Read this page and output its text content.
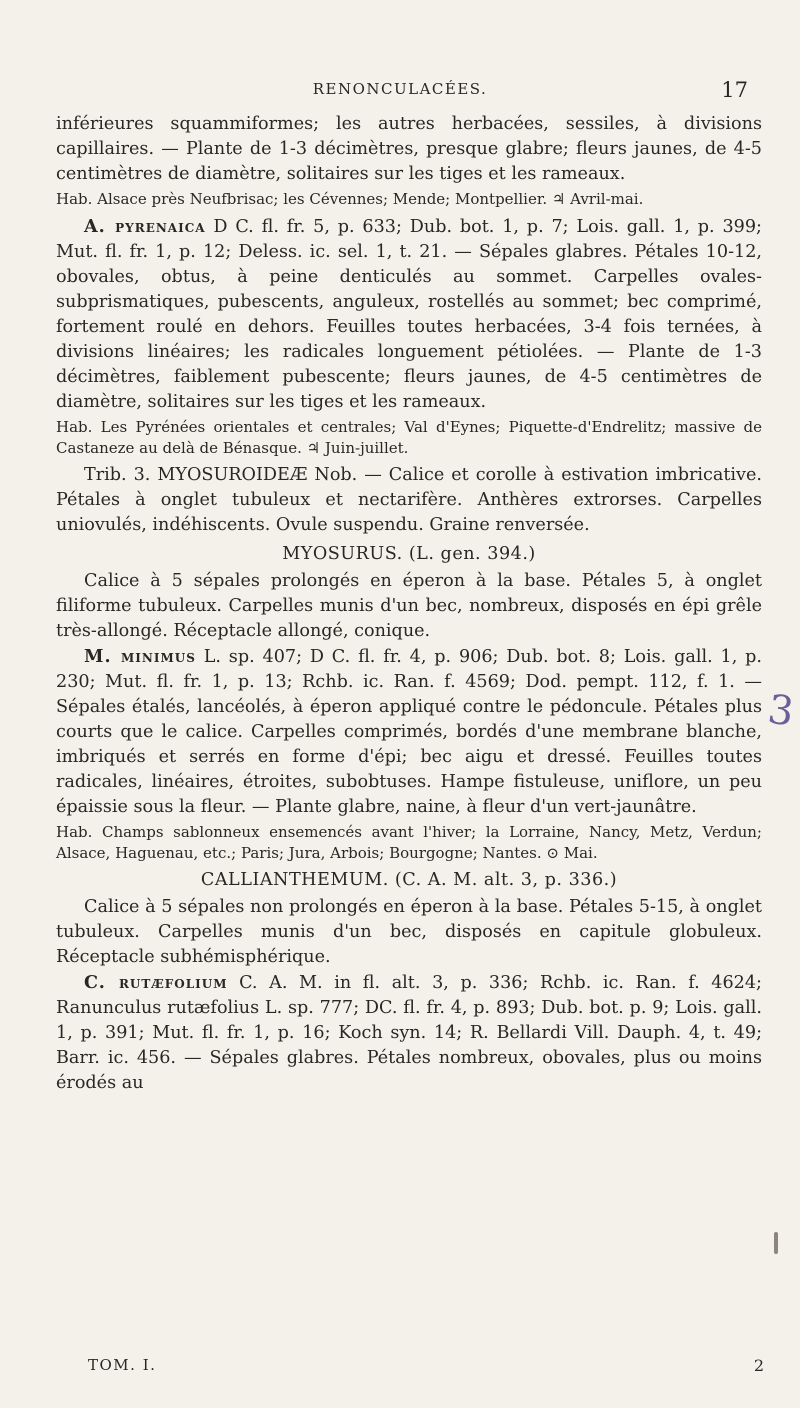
RENONCULACÉES.	17

inférieures squammiformes; les autres herbacées, sessiles, à divisions capillaires. — Plante de 1-3 décimètres, presque glabre; fleurs jaunes, de 4-5 centimètres de diamètre, solitaires sur les tiges et les rameaux.

Hab. Alsace près Neufbrisac; les Cévennes; Mende; Montpellier. ♃ Avril-mai.

A. pyrenaica D C. fl. fr. 5, p. 633; Dub. bot. 1, p. 7; Lois. gall. 1, p. 399; Mut. fl. fr. 1, p. 12; Deless. ic. sel. 1, t. 21. — Sépales glabres. Pétales 10-12, obovales, obtus, à peine denticulés au sommet. Carpelles ovales-subprismatiques, pubescents, anguleux, rostellés au sommet; bec comprimé, fortement roulé en dehors. Feuilles toutes herbacées, 3-4 fois ternées, à divisions linéaires; les radicales longuement pétiolées. — Plante de 1-3 décimètres, faiblement pubescente; fleurs jaunes, de 4-5 centimètres de diamètre, solitaires sur les tiges et les rameaux.

Hab. Les Pyrénées orientales et centrales; Val d'Eynes; Piquette-d'Endrelitz; massive de Castaneze au delà de Bénasque. ♃ Juin-juillet.

Trib. 3. MYOSUROIDEÆ Nob. — Calice et corolle à estivation imbricative. Pétales à onglet tubuleux et nectarifère. Anthères extrorses. Carpelles uniovulés, indéhiscents. Ovule suspendu. Graine renversée.

MYOSURUS. (L. gen. 394.)

Calice à 5 sépales prolongés en éperon à la base. Pétales 5, à onglet filiforme tubuleux. Carpelles munis d'un bec, nombreux, disposés en épi grêle très-allongé. Réceptacle allongé, conique.

M. minimus L. sp. 407; D C. fl. fr. 4, p. 906; Dub. bot. 8; Lois. gall. 1, p. 230; Mut. fl. fr. 1, p. 13; Rchb. ic. Ran. f. 4569; Dod. pempt. 112, f. 1. — Sépales étalés, lancéolés, à éperon appliqué contre le pédoncule. Pétales plus courts que le calice. Carpelles comprimés, bordés d'une membrane blanche, imbriqués et serrés en forme d'épi; bec aigu et dressé. Feuilles toutes radicales, linéaires, étroites, subobtuses. Hampe fistuleuse, uniflore, un peu épaissie sous la fleur. — Plante glabre, naine, à fleur d'un vert-jaunâtre.

Hab. Champs sablonneux ensemencés avant l'hiver; la Lorraine, Nancy, Metz, Verdun; Alsace, Haguenau, etc.; Paris; Jura, Arbois; Bourgogne; Nantes. ⊙ Mai.

CALLIANTHEMUM. (C. A. M. alt. 3, p. 336.)

Calice à 5 sépales non prolongés en éperon à la base. Pétales 5-15, à onglet tubuleux. Carpelles munis d'un bec, disposés en capitule globuleux. Réceptacle subhémisphérique.

C. rutæfolium C. A. M. in fl. alt. 3, p. 336; Rchb. ic. Ran. f. 4624; Ranunculus rutæfolius L. sp. 777; DC. fl. fr. 4, p. 893; Dub. bot. p. 9; Lois. gall. 1, p. 391; Mut. fl. fr. 1, p. 16; Koch syn. 14; R. Bellardi Vill. Dauph. 4, t. 49; Barr. ic. 456. — Sépales glabres. Pétales nombreux, obovales, plus ou moins érodés au

3
TOM. I.	2
